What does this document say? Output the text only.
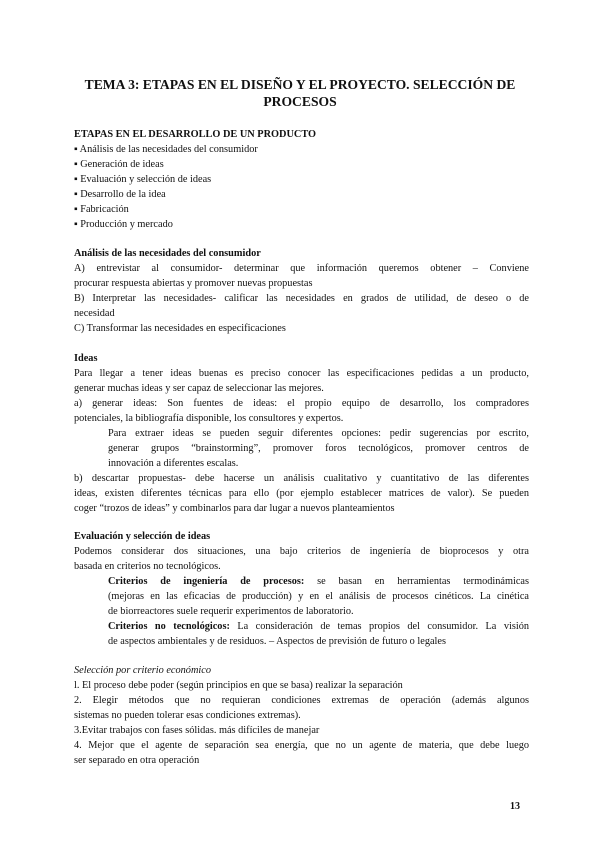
TEMA 3: ETAPAS EN EL DISEÑO Y EL PROYECTO. SELECCIÓN DE
PROCESOS
ETAPAS EN EL DESARROLLO DE UN PRODUCTO
▪ Análisis de las necesidades del consumidor
▪ Generación de ideas
▪ Evaluación y selección de ideas
▪ Desarrollo de la idea
▪ Fabricación
▪ Producción y mercado
Análisis de las necesidades del consumidor
A) entrevistar al consumidor- determinar que información queremos obtener – Conviene
procurar respuesta abiertas y promover nuevas propuestas
B) Interpretar las necesidades- calificar las necesidades en grados de utilidad, de deseo o de
necesidad
C) Transformar las necesidades en especificaciones
Ideas
Para llegar a tener ideas buenas es preciso conocer las especificaciones pedidas a un producto,
generar muchas ideas y ser capaz de seleccionar las mejores.
a) generar ideas: Son fuentes de ideas: el propio equipo de desarrollo, los compradores
potenciales, la bibliografía disponible, los consultores y expertos.
Para extraer ideas se pueden seguir diferentes opciones: pedir sugerencias por escrito,
generar grupos “brainstorming”, promover foros tecnológicos, promover centros de
innovación a diferentes escalas.
b) descartar propuestas- debe hacerse un análisis cualitativo y cuantitativo de las diferentes
ideas, existen diferentes técnicas para ello (por ejemplo establecer matrices de valor). Se pueden
coger “trozos de ideas” y combinarlos para dar lugar a nuevos planteamientos
Evaluación y selección de ideas
Podemos considerar dos situaciones, una bajo criterios de ingeniería de bioprocesos y otra
basada en criterios no tecnológicos.
Criterios de ingeniería de procesos: se basan en herramientas termodinámicas
(mejoras en las eficacias de producción) y en el análisis de procesos cinéticos. La cinética
de biorreactores suele requerir experimentos de laboratorio.
Criterios no tecnológicos: La consideración de temas propios del consumidor. La visión
de aspectos ambientales y de residuos. – Aspectos de previsión de futuro o legales
Selección por criterio económico
l. El proceso debe poder (según principios en que se basa) realizar la separación
2. Elegir métodos que no requieran condiciones extremas de operación (además algunos
sistemas no pueden tolerar esas condiciones extremas).
3.Evitar trabajos con fases sólidas. más difíciles de manejar
4. Mejor que el agente de separación sea energía, que no un agente de materia, que debe luego
ser separado en otra operación
13
